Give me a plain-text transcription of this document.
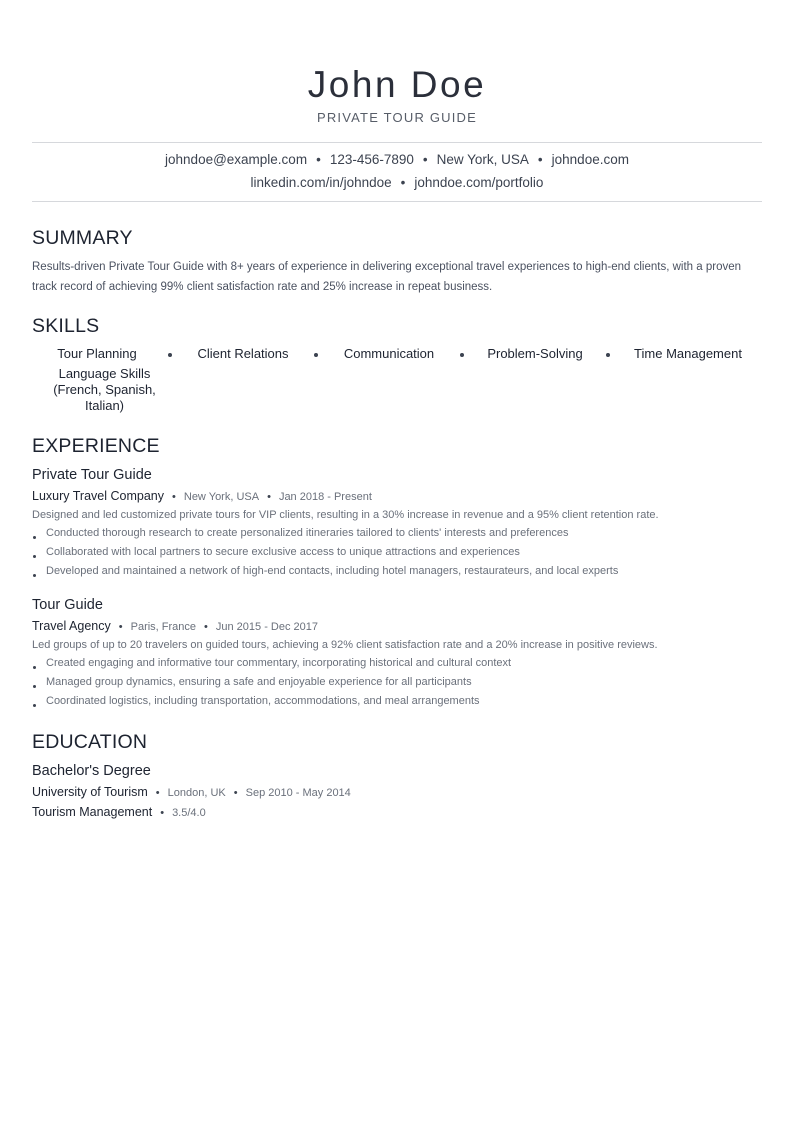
John Doe
PRIVATE TOUR GUIDE
johndoe@example.com • 123-456-7890 • New York, USA • johndoe.com
linkedin.com/in/johndoe • johndoe.com/portfolio
SUMMARY
Results-driven Private Tour Guide with 8+ years of experience in delivering exceptional travel experiences to high-end clients, with a proven track record of achieving 99% client satisfaction rate and 25% increase in repeat business.
SKILLS
Tour Planning	Client Relations	Communication	Problem-Solving	Time Management
Language Skills (French, Spanish, Italian)
EXPERIENCE
Private Tour Guide
Luxury Travel Company • New York, USA • Jan 2018 - Present
Designed and led customized private tours for VIP clients, resulting in a 30% increase in revenue and a 95% client retention rate.
Conducted thorough research to create personalized itineraries tailored to clients' interests and preferences
Collaborated with local partners to secure exclusive access to unique attractions and experiences
Developed and maintained a network of high-end contacts, including hotel managers, restaurateurs, and local experts
Tour Guide
Travel Agency • Paris, France • Jun 2015 - Dec 2017
Led groups of up to 20 travelers on guided tours, achieving a 92% client satisfaction rate and a 20% increase in positive reviews.
Created engaging and informative tour commentary, incorporating historical and cultural context
Managed group dynamics, ensuring a safe and enjoyable experience for all participants
Coordinated logistics, including transportation, accommodations, and meal arrangements
EDUCATION
Bachelor's Degree
University of Tourism • London, UK • Sep 2010 - May 2014
Tourism Management • 3.5/4.0
